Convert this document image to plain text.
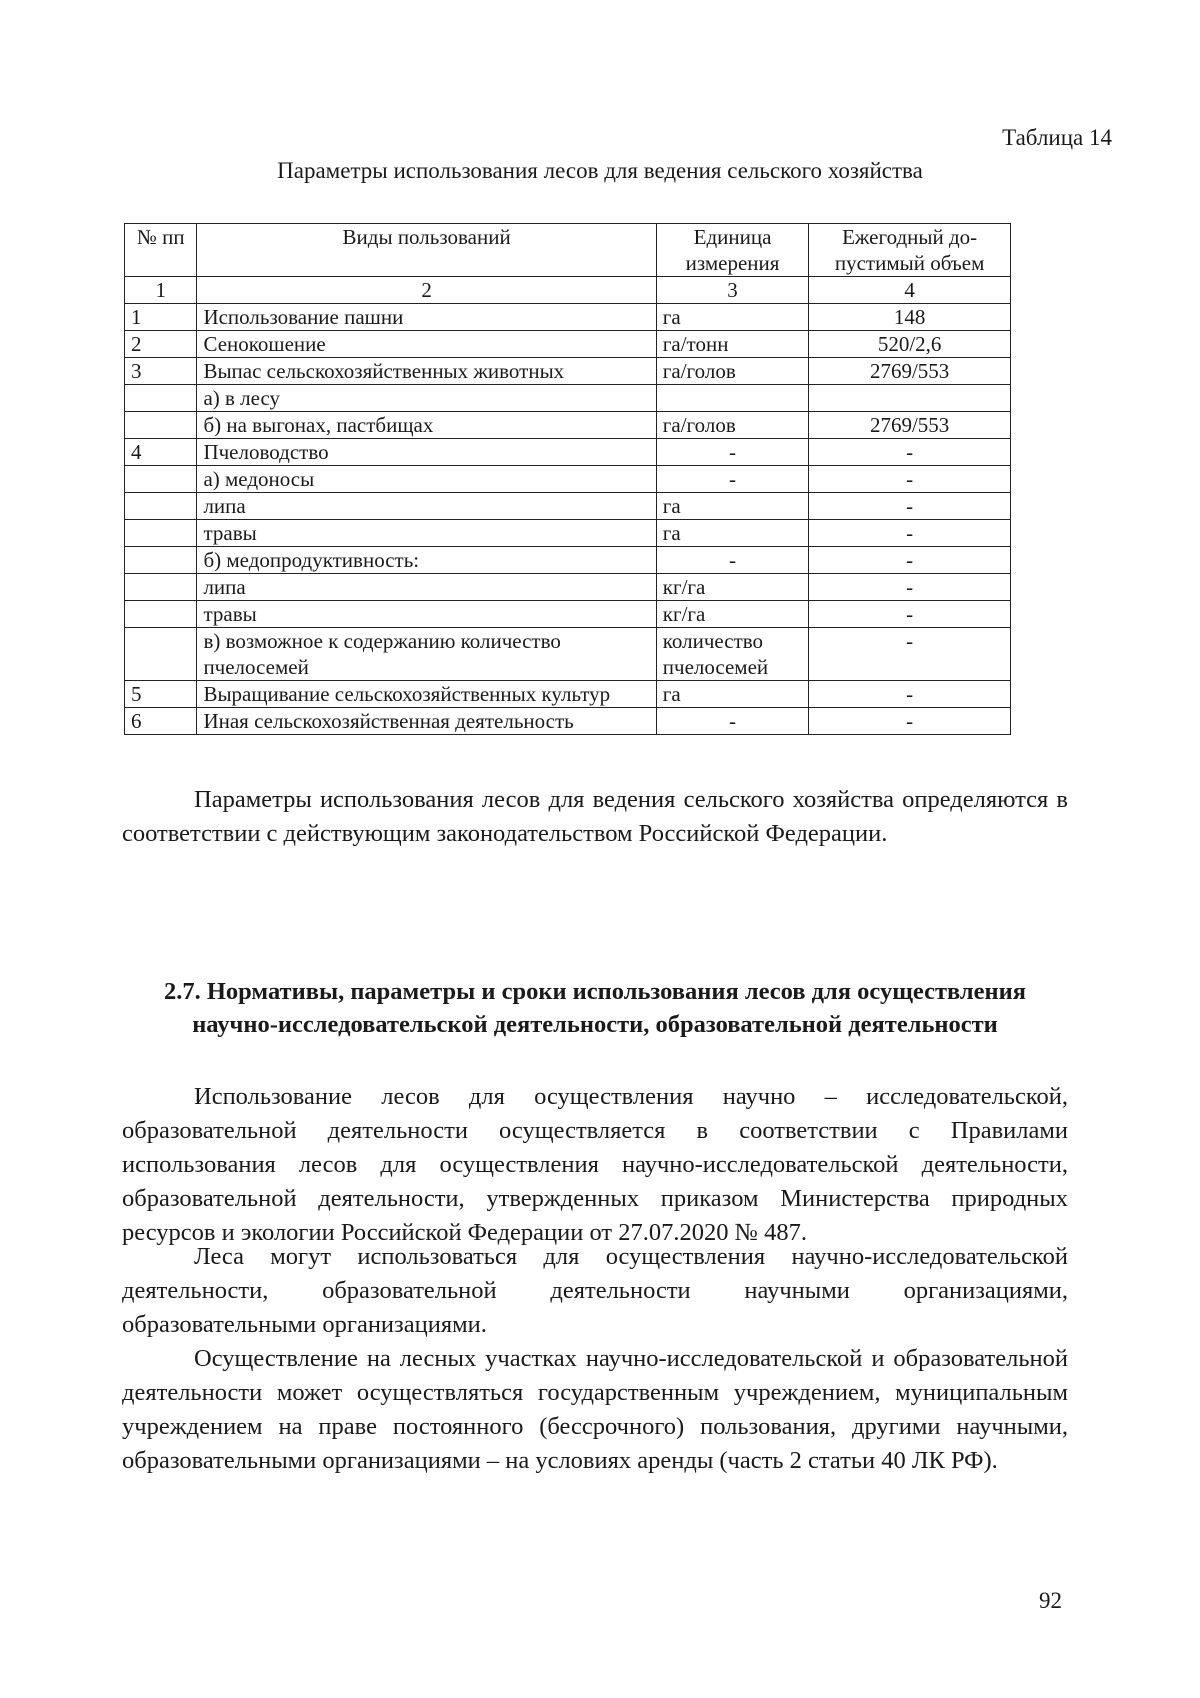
Таблица 14
Параметры использования лесов для ведения сельского хозяйства
№ пп	Виды пользований	Единица измерения	Ежегодный до-пустимый объем
1	2	3	4
1	Использование пашни	га	148
2	Сенокошение	га/тонн	520/2,6
3	Выпас сельскохозяйственных животных	га/голов	2769/553
	а) в лесу		
	б) на выгонах, пастбищах	га/голов	2769/553
4	Пчеловодство	-	-
	а) медоносы	-	-
	липа	га	-
	травы	га	-
	б) медопродуктивность:	-	-
	липа	кг/га	-
	травы	кг/га	-
	в) возможное к содержанию количество пчелосемей	количество пчелосемей	-
5	Выращивание сельскохозяйственных культур	га	-
6	Иная сельскохозяйственная деятельность	-	-

Параметры использования лесов для ведения сельского хозяйства определяются в соответствии с действующим законодательством Российской Федерации.

2.7. Нормативы, параметры и сроки использования лесов для осуществления научно-исследовательской деятельности, образовательной деятельности

Использование лесов для осуществления научно – исследовательской, образовательной деятельности осуществляется в соответствии с Правилами использования лесов для осуществления научно-исследовательской деятельности, образовательной деятельности, утвержденных приказом Министерства природных ресурсов и экологии Российской Федерации от 27.07.2020 № 487.

Леса могут использоваться для осуществления научно-исследовательской деятельности, образовательной деятельности научными организациями, образовательными организациями.

Осуществление на лесных участках научно-исследовательской и образовательной деятельности может осуществляться государственным учреждением, муниципальным учреждением на праве постоянного (бессрочного) пользования, другими научными, образовательными организациями – на условиях аренды (часть 2 статьи 40 ЛК РФ).

92
